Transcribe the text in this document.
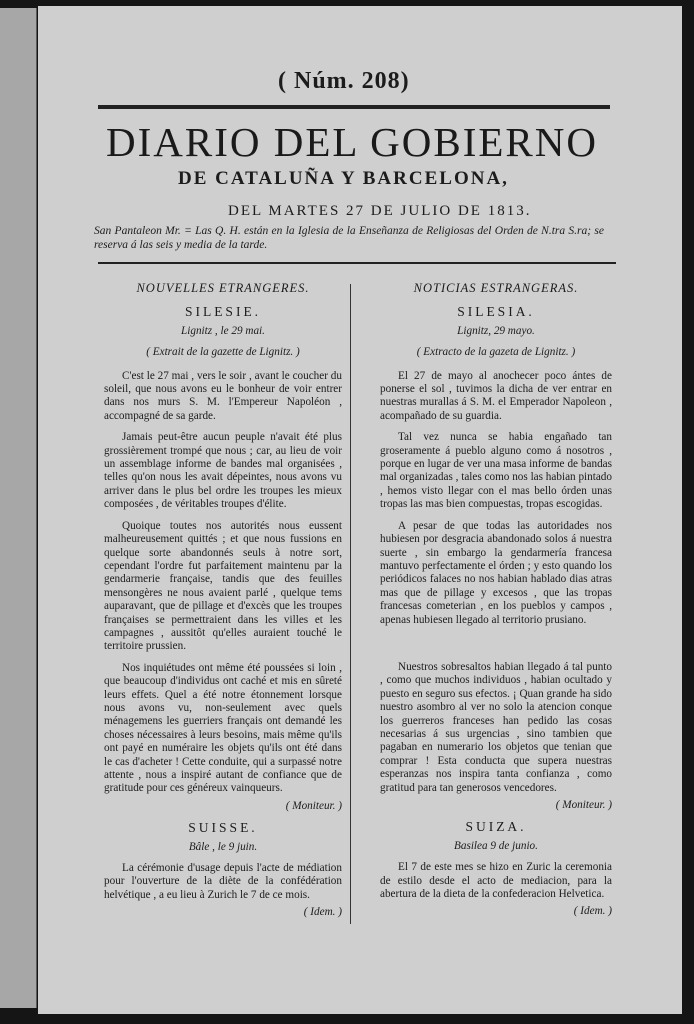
( Núm. 208)
DIARIO DEL GOBIERNO
DE CATALUÑA Y BARCELONA,
DEL MARTES 27 DE JULIO DE 1813.
San Pantaleon Mr. = Las Q. H. están en la Iglesia de la Enseñanza de Religiosas del Orden de N.tra S.ra; se reserva á las seis y media de la tarde.
NOUVELLES ETRANGERES.
SILESIE.
Lignitz , le 29 mai.
( Extrait de la gazette de Lignitz. )

C'est le 27 mai , vers le soir , avant le coucher du soleil, que nous avons eu le bonheur de voir entrer dans nos murs S. M. l'Empereur Napoléon , accompagné de sa garde.

Jamais peut-être aucun peuple n'avait été plus grossièrement trompé que nous ; car, au lieu de voir un assemblage informe de bandes mal organisées , telles qu'on nous les avait dépeintes, nous avons vu arriver dans le plus bel ordre les troupes les mieux composées , de véritables troupes d'élite.

Quoique toutes nos autorités nous eussent malheureusement quittés ; et que nous fussions en quelque sorte abandonnés seuls à notre sort, cependant l'ordre fut parfaitement maintenu par la gendarmerie française, tandis que des feuilles mensongères ne nous avaient parlé , quelque tems auparavant, que de pillage et d'excès que les troupes françaises se permettraient dans les villes et les campagnes , aussitôt qu'elles auraient touché le territoire prussien.

Nos inquiétudes ont même été poussées si loin , que beaucoup d'individus ont caché et mis en sûreté leurs effets. Quel a été notre étonnement lorsque nous avons vu, non-seulement avec quels ménagemens les guerriers français ont demandé les choses nécessaires à leurs besoins, mais même qu'ils ont payé en numéraire les objets qu'ils ont été dans le cas d'acheter ! Cette conduite, qui a surpassé notre attente , nous a inspiré autant de confiance que de gratitude pour ces généreux vainqueurs.

( Moniteur. )
SUISSE.
Bâle , le 9 juin.

La cérémonie d'usage depuis l'acte de médiation pour l'ouverture de la diète de la confédération helvétique , a eu lieu à Zurich le 7 de ce mois.

( Idem. )
NOTICIAS ESTRANGERAS.
SILESIA.
Lignitz, 29 mayo.
( Extracto de la gazeta de Lignitz. )

El 27 de mayo al anochecer poco ántes de ponerse el sol , tuvimos la dicha de ver entrar en nuestras murallas á S. M. el Emperador Napoleon , acompañado de su guardia.

Tal vez nunca se habia engañado tan groseramente á pueblo alguno como á nosotros , porque en lugar de ver una masa informe de bandas mal organizadas , tales como nos las habian pintado , hemos visto llegar con el mas bello órden unas tropas las mas bien compuestas, tropas escogidas.

A pesar de que todas las autoridades nos hubiesen por desgracia abandonado solos á nuestra suerte , sin embargo la gendarmería francesa mantuvo perfectamente el órden ; y esto quando los periódicos falaces no nos habian hablado dias atras mas que de pillage y excesos , que las tropas francesas cometerian , en los pueblos y campos , apenas hubiesen llegado al territorio prusiano.

Nuestros sobresaltos habian llegado á tal punto , como que muchos individuos , habian ocultado y puesto en seguro sus efectos. ¡ Quan grande ha sido nuestro asombro al ver no solo la atencion conque los guerreros franceses han pedido las cosas necesarias á sus urgencias , sino tambien que pagaban en numerario los objetos que tenian que comprar ! Esta conducta que supera nuestras esperanzas nos inspira tanta confianza , como gratitud para tan generosos vencedores.

( Moniteur. )
SUIZA.
Basilea 9 de junio.

El 7 de este mes se hizo en Zuric la ceremonia de estilo desde el acto de mediacion, para la abertura de la dieta de la confederacion Helvetica.

( Idem. )
